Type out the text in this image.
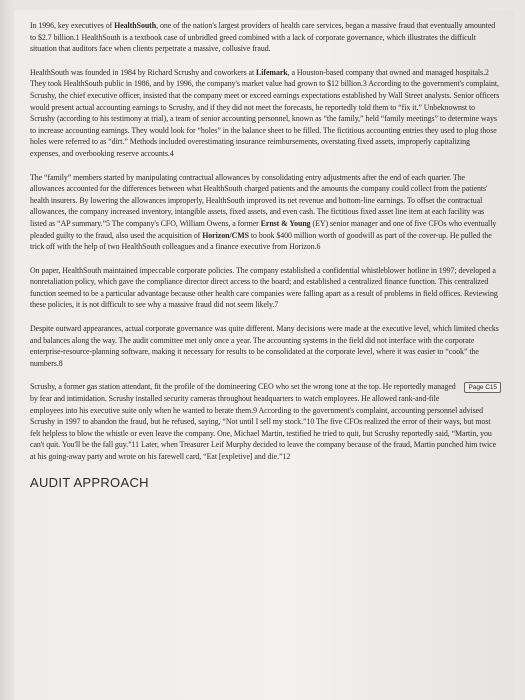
In 1996, key executives of HealthSouth, one of the nation's largest providers of health care services, began a massive fraud that eventually amounted to $2.7 billion.1 HealthSouth is a textbook case of unbridled greed combined with a lack of corporate governance, which illustrates the difficult situation that auditors face when clients perpetrate a massive, collusive fraud.
HealthSouth was founded in 1984 by Richard Scrushy and coworkers at Lifemark, a Houston-based company that owned and managed hospitals.2 They took HealthSouth public in 1986, and by 1996, the company's market value had grown to $12 billion.3 According to the government's complaint, Scrushy, the chief executive officer, insisted that the company meet or exceed earnings expectations established by Wall Street analysts. Senior officers would present actual accounting earnings to Scrushy, and if they did not meet the forecasts, he reportedly told them to “fix it.” Unbeknownst to Scrushy (according to his testimony at trial), a team of senior accounting personnel, known as “the family,” held “family meetings” to determine ways to increase accounting earnings. They would look for “holes” in the balance sheet to be filled. The fictitious accounting entries they used to plug those holes were referred to as “dirt.” Methods included overestimating insurance reimbursements, overstating fixed assets, improperly capitalizing expenses, and overbooking reserve accounts.4
The “family” members started by manipulating contractual allowances by consolidating entry adjustments after the end of each quarter. The allowances accounted for the differences between what HealthSouth charged patients and the amounts the company could collect from the patients' health insurers. By lowering the allowances improperly, HealthSouth improved its net revenue and bottom-line earnings. To offset the contractual allowances, the company increased inventory, intangible assets, fixed assets, and even cash. The fictitious fixed asset line item at each facility was listed as “AP summary.”5 The company's CFO, William Owens, a former Ernst & Young (EY) senior manager and one of five CFOs who eventually pleaded guilty to the fraud, also used the acquisition of Horizon/CMS to book $400 million worth of goodwill as part of the cover-up. He pulled the trick off with the help of two HealthSouth colleagues and a finance executive from Horizon.6
On paper, HealthSouth maintained impeccable corporate policies. The company established a confidential whistleblower hotline in 1997; developed a nonretaliation policy, which gave the compliance director direct access to the board; and established a centralized finance function. This centralized function seemed to be a particular advantage because other health care companies were falling apart as a result of problems in field offices. Reviewing these policies, it is not difficult to see why a massive fraud did not seem likely.7
Despite outward appearances, actual corporate governance was quite different. Many decisions were made at the executive level, which limited checks and balances along the way. The audit committee met only once a year. The accounting systems in the field did not interface with the corporate enterprise-resource-planning software, making it necessary for results to be consolidated at the corporate level, where it was easier to “cook” the numbers.8
Page C15
Scrushy, a former gas station attendant, fit the profile of the domineering CEO who set the wrong tone at the top. He reportedly managed by fear and intimidation. Scrushy installed security cameras throughout headquarters to watch employees. He allowed rank-and-file employees into his executive suite only when he wanted to berate them.9 According to the government's complaint, accounting personnel advised Scrushy in 1997 to abandon the fraud, but he refused, saying, “Not until I sell my stock.”10 The five CFOs realized the error of their ways, but most felt helpless to blow the whistle or even leave the company. One, Michael Martin, testified he tried to quit, but Scrushy reportedly said, “Martin, you can't quit. You'll be the fall guy.”11 Later, when Treasurer Leif Murphy decided to leave the company because of the fraud, Martin punched him twice at his going-away party and wrote on his farewell card, “Eat [expletive] and die.”12
AUDIT APPROACH
